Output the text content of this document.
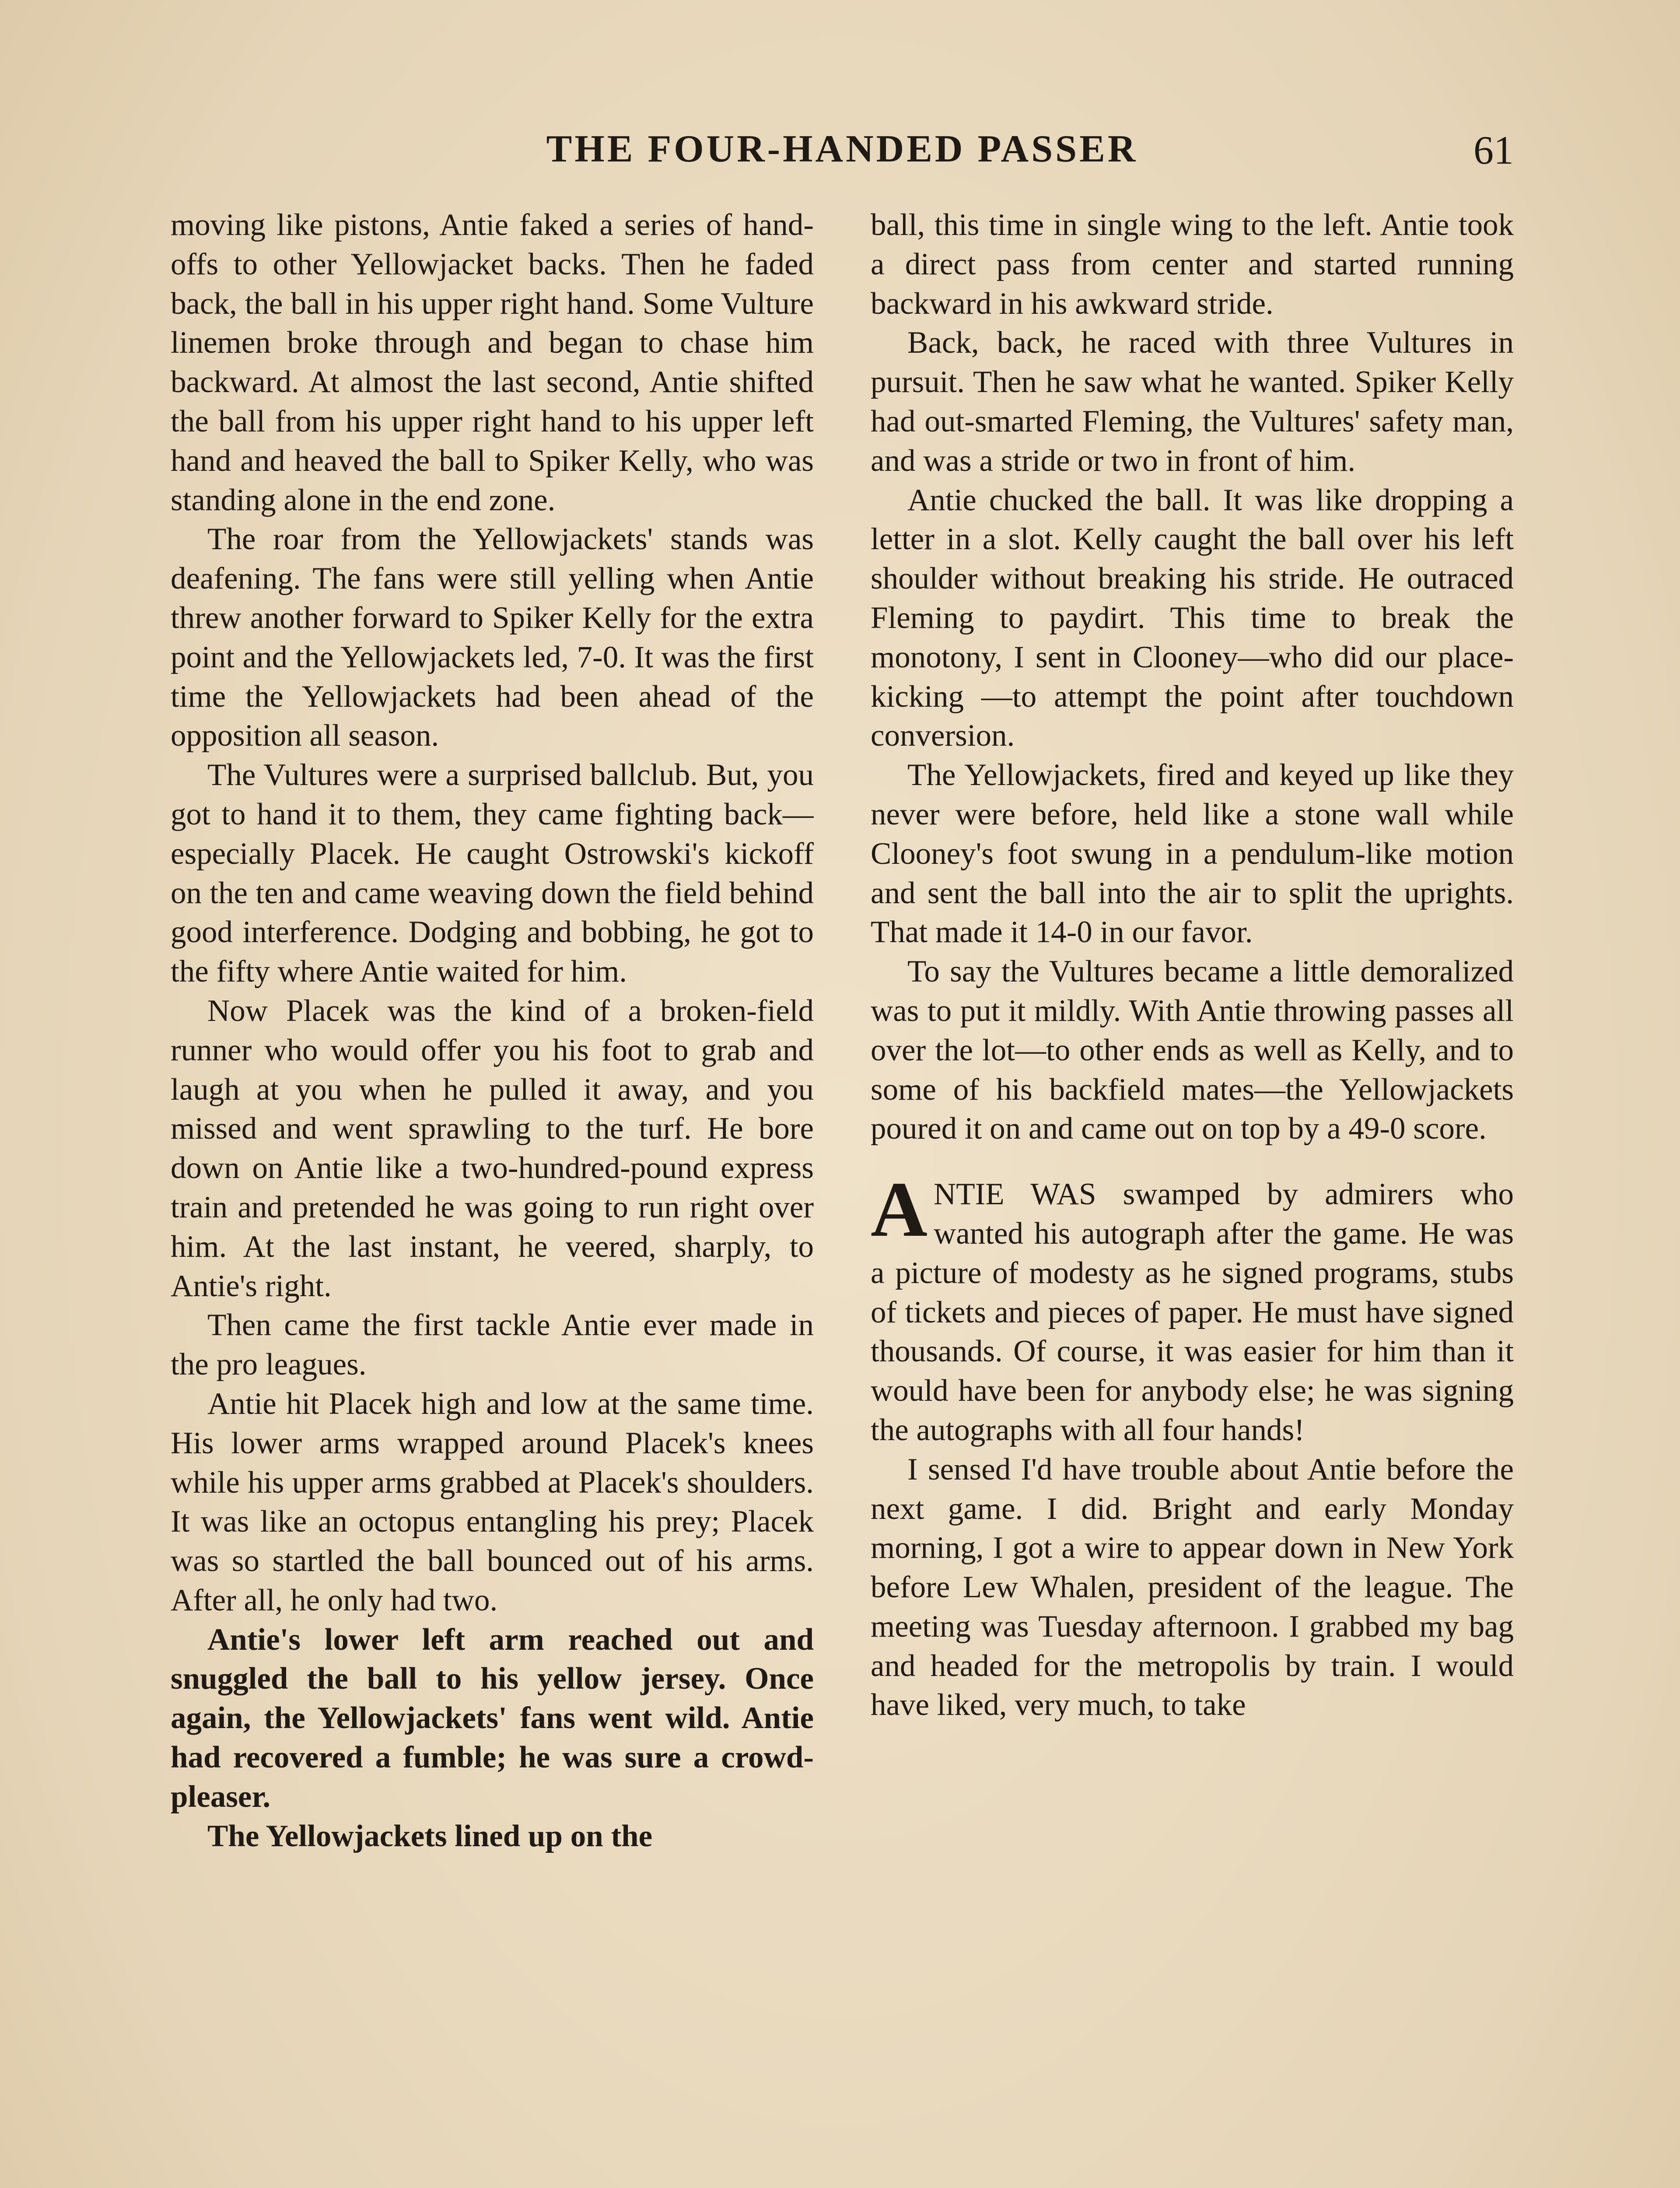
THE FOUR-HANDED PASSER	61

moving like pistons, Antie faked a series of hand-offs to other Yellowjacket backs. Then he faded back, the ball in his upper right hand. Some Vulture linemen broke through and began to chase him backward. At almost the last second, Antie shifted the ball from his upper right hand to his upper left hand and heaved the ball to Spiker Kelly, who was standing alone in the end zone.

The roar from the Yellowjackets' stands was deafening. The fans were still yelling when Antie threw another forward to Spiker Kelly for the extra point and the Yellowjackets led, 7-0. It was the first time the Yellowjackets had been ahead of the opposition all season.

The Vultures were a surprised ballclub. But, you got to hand it to them, they came fighting back—especially Placek. He caught Ostrowski's kickoff on the ten and came weaving down the field behind good interference. Dodging and bobbing, he got to the fifty where Antie waited for him.

Now Placek was the kind of a broken-field runner who would offer you his foot to grab and laugh at you when he pulled it away, and you missed and went sprawling to the turf. He bore down on Antie like a two-hundred-pound express train and pretended he was going to run right over him. At the last instant, he veered, sharply, to Antie's right.

Then came the first tackle Antie ever made in the pro leagues.

Antie hit Placek high and low at the same time. His lower arms wrapped around Placek's knees while his upper arms grabbed at Placek's shoulders. It was like an octopus entangling his prey; Placek was so startled the ball bounced out of his arms. After all, he only had two.

Antie's lower left arm reached out and snuggled the ball to his yellow jersey. Once again, the Yellowjackets' fans went wild. Antie had recovered a fumble; he was sure a crowd-pleaser.

The Yellowjackets lined up on the

ball, this time in single wing to the left. Antie took a direct pass from center and started running backward in his awkward stride.

Back, back, he raced with three Vultures in pursuit. Then he saw what he wanted. Spiker Kelly had out-smarted Fleming, the Vultures' safety man, and was a stride or two in front of him.

Antie chucked the ball. It was like dropping a letter in a slot. Kelly caught the ball over his left shoulder without breaking his stride. He outraced Fleming to paydirt. This time to break the monotony, I sent in Clooney—who did our place-kicking —to attempt the point after touchdown conversion.

The Yellowjackets, fired and keyed up like they never were before, held like a stone wall while Clooney's foot swung in a pendulum-like motion and sent the ball into the air to split the uprights. That made it 14-0 in our favor.

To say the Vultures became a little demoralized was to put it mildly. With Antie throwing passes all over the lot—to other ends as well as Kelly, and to some of his backfield mates—the Yellowjackets poured it on and came out on top by a 49-0 score.

ANTIE WAS swamped by admirers who wanted his autograph after the game. He was a picture of modesty as he signed programs, stubs of tickets and pieces of paper. He must have signed thousands. Of course, it was easier for him than it would have been for anybody else; he was signing the autographs with all four hands!

I sensed I'd have trouble about Antie before the next game. I did. Bright and early Monday morning, I got a wire to appear down in New York before Lew Whalen, president of the league. The meeting was Tuesday afternoon. I grabbed my bag and headed for the metropolis by train. I would have liked, very much, to take
